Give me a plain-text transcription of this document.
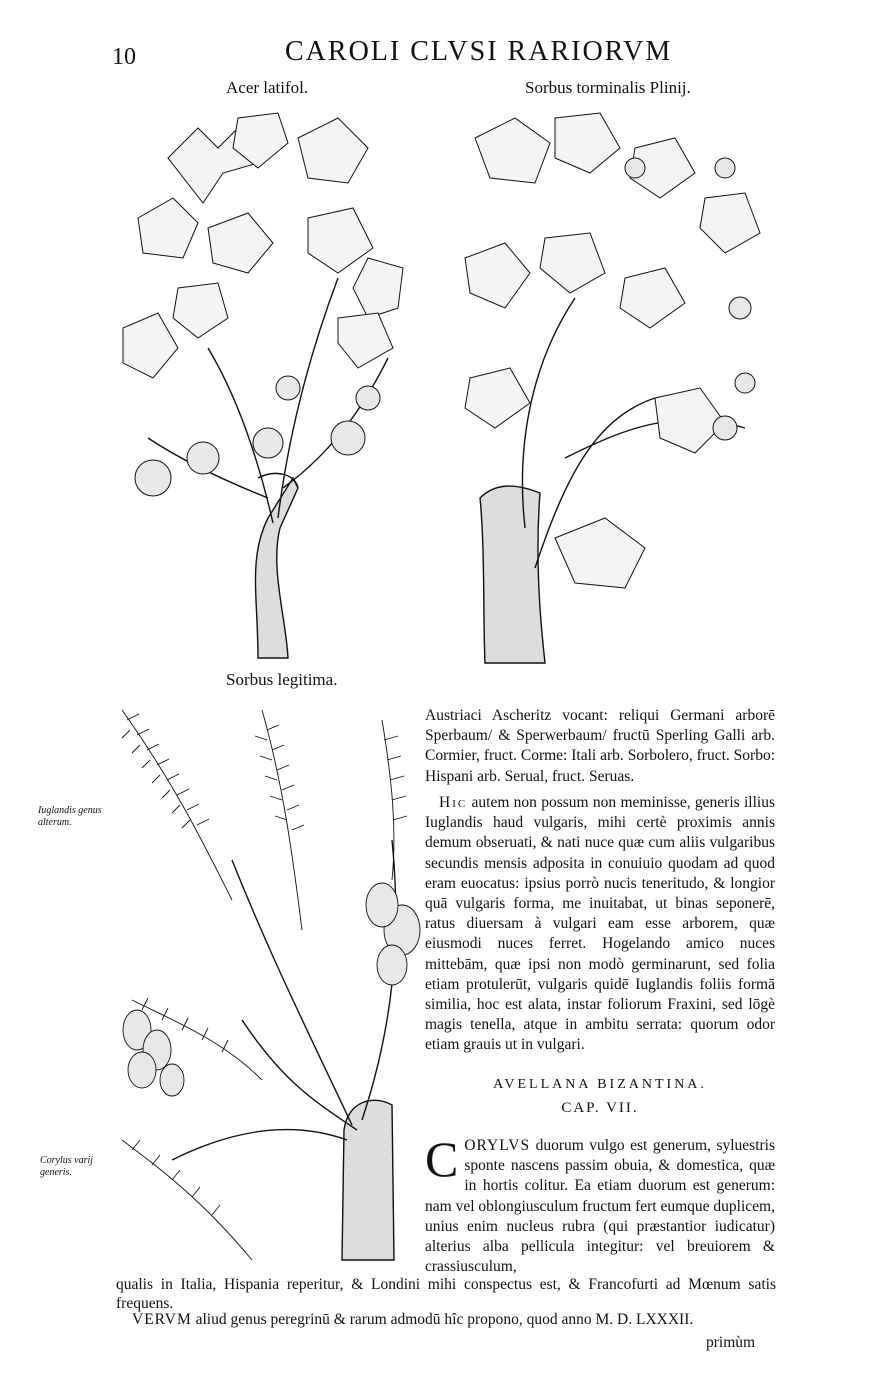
10	CAROLI CLVSI RARIORVM
Acer latifol.	Sorbus torminalis Plinij.
Sorbus legitima.
Iuglandis genus alterum.
Corylus varij generis.
Austriaci Ascheritz vocant: reliqui Germani arborē Sperbaum/ & Sperwerbaum/ fructū Sperling Galli arb. Cormier, fruct. Corme: Itali arb. Sorbolero, fruct. Sorbo: Hispani arb. Serual, fruct. Seruas.
Hic autem non possum non meminisse, generis illius Iuglandis haud vulgaris, mihi certè proximis annis demum obseruati, & nati nuce quæ cum aliis vulgaribus secundis mensis adposita in conuiuio quodam ad quod eram euocatus: ipsius porrò nucis teneritudo, & longior quā vulgaris forma, me inuitabat, ut binas seponerē, ratus diuersam à vulgari eam esse arborem, quæ eiusmodi nuces ferret. Hogelando amico nuces mittebām, quæ ipsi non modò germinarunt, sed folia etiam protulerūt, vulgaris quidē Iuglandis foliis formā similia, hoc est alata, instar foliorum Fraxini, sed lōgè magis tenella, atque in ambitu serrata: quorum odor etiam grauis ut in vulgari.
AVELLANA BIZANTINA.
CAP. VII.
CORYLVS duorum vulgo est generum, syluestris sponte nascens passim obuia, & domestica, quæ in hortis colitur. Ea etiam duorum est generum: nam vel oblongiusculum fructum fert eumque duplicem, unius enim nucleus rubra (qui præstantior iudicatur) alterius alba pellicula integitur: vel breuiorem & crassiusculum,
qualis in Italia, Hispania reperitur, & Londini mihi conspectus est, & Francofurti ad Mœnum satis frequens.
VERVM aliud genus peregrinū & rarum admodū hîc propono, quod anno M. D. LXXXII.
primùm
